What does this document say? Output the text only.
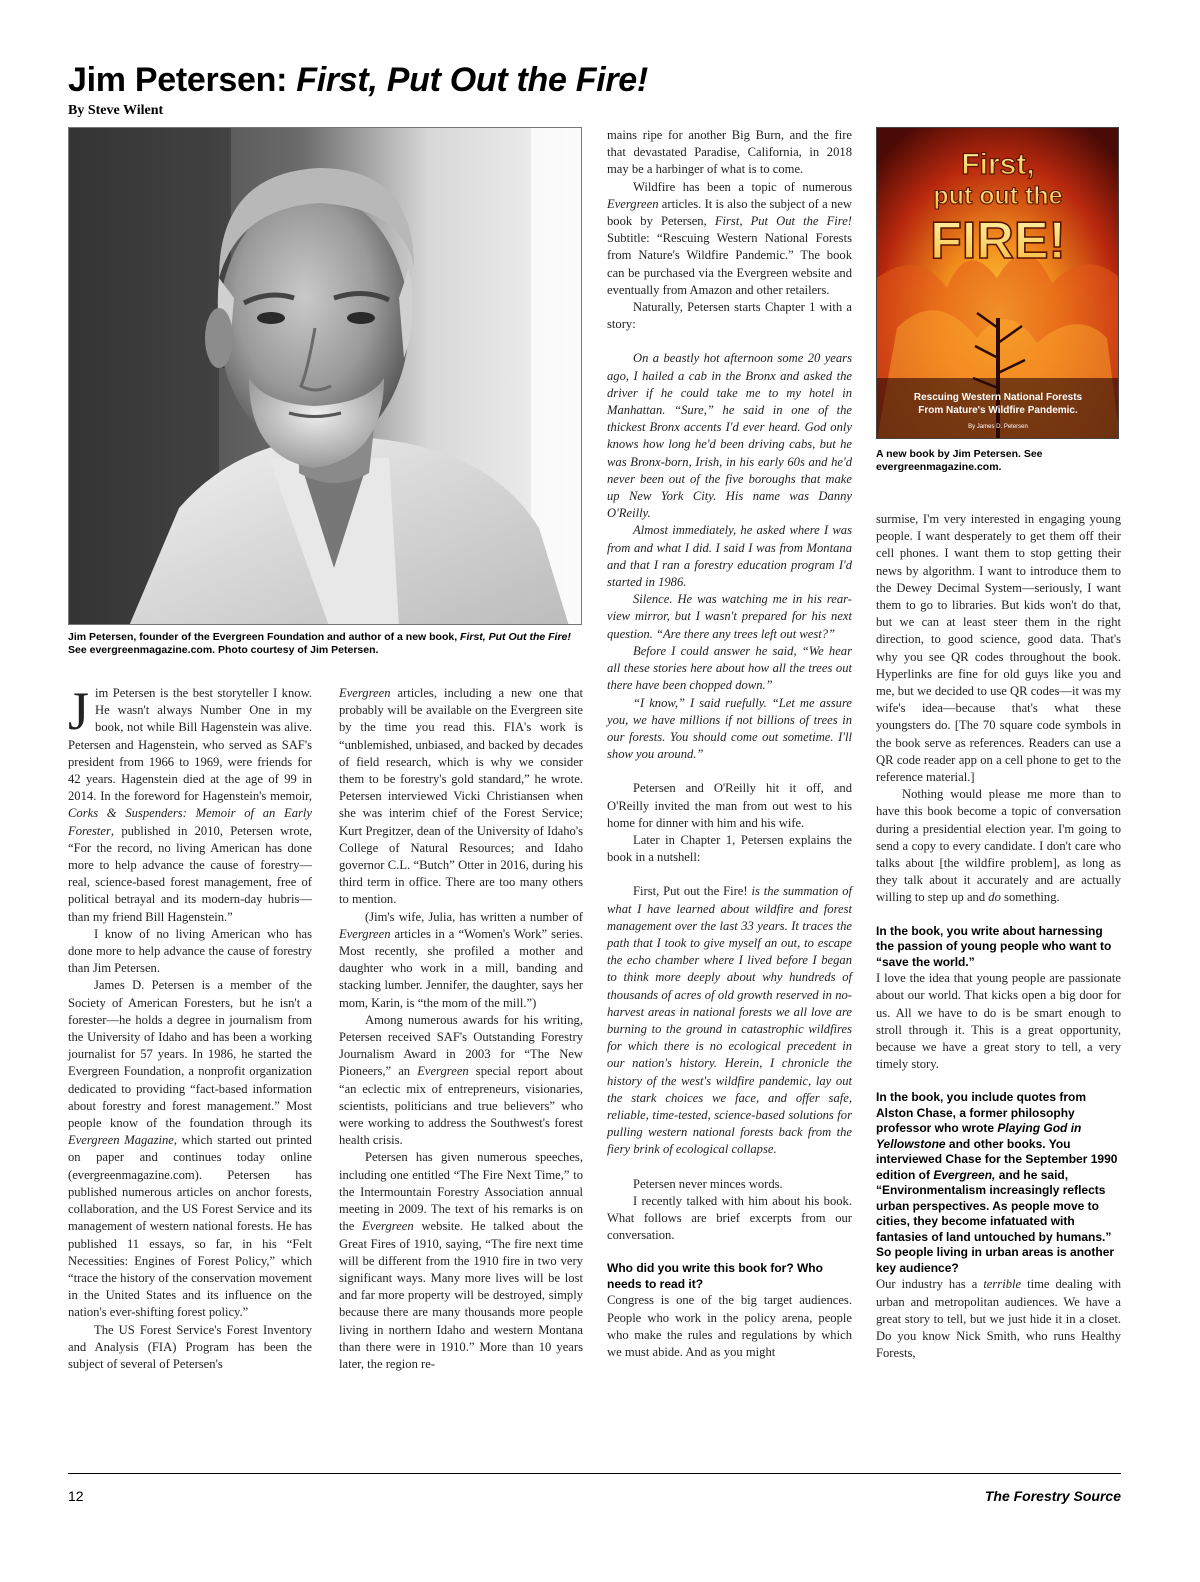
Jim Petersen: First, Put Out the Fire!
By Steve Wilent
Jim Petersen, founder of the Evergreen Foundation and author of a new book, First, Put Out the Fire! See evergreenmagazine.com. Photo courtesy of Jim Petersen.

Jim Petersen is the best storyteller I know. He wasn't always Number One in my book, not while Bill Hagenstein was alive. Petersen and Hagenstein, who served as SAF's president from 1966 to 1969, were friends for 42 years. Hagenstein died at the age of 99 in 2014. In the foreword for Hagenstein's memoir, Corks & Suspenders: Memoir of an Early Forester, published in 2010, Petersen wrote, “For the record, no living American has done more to help advance the cause of forestry—real, science-based forest management, free of political betrayal and its modern-day hubris—than my friend Bill Hagenstein.”

I know of no living American who has done more to help advance the cause of forestry than Jim Petersen.

James D. Petersen is a member of the Society of American Foresters, but he isn't a forester—he holds a degree in journalism from the University of Idaho and has been a working journalist for 57 years. In 1986, he started the Evergreen Foundation, a nonprofit organization dedicated to providing “fact-based information about forestry and forest management.” Most people know of the foundation through its Evergreen Magazine, which started out printed on paper and continues today online (evergreenmagazine.com). Petersen has published numerous articles on anchor forests, collaboration, and the US Forest Service and its management of western national forests. He has published 11 essays, so far, in his “Felt Necessities: Engines of Forest Policy,” which “trace the history of the conservation movement in the United States and its influence on the nation's ever-shifting forest policy.”

The US Forest Service's Forest Inventory and Analysis (FIA) Program has been the subject of several of Petersen's

Evergreen articles, including a new one that probably will be available on the Evergreen site by the time you read this. FIA's work is “unblemished, unbiased, and backed by decades of field research, which is why we consider them to be forestry's gold standard,” he wrote. Petersen interviewed Vicki Christiansen when she was interim chief of the Forest Service; Kurt Pregitzer, dean of the University of Idaho's College of Natural Resources; and Idaho governor C.L. “Butch” Otter in 2016, during his third term in office. There are too many others to mention.

(Jim's wife, Julia, has written a number of Evergreen articles in a “Women's Work” series. Most recently, she profiled a mother and daughter who work in a mill, banding and stacking lumber. Jennifer, the daughter, says her mom, Karin, is “the mom of the mill.”)

Among numerous awards for his writing, Petersen received SAF's Outstanding Forestry Journalism Award in 2003 for “The New Pioneers,” an Evergreen special report about “an eclectic mix of entrepreneurs, visionaries, scientists, politicians and true believers” who were working to address the Southwest's forest health crisis.

Petersen has given numerous speeches, including one entitled “The Fire Next Time,” to the Intermountain Forestry Association annual meeting in 2009. The text of his remarks is on the Evergreen website. He talked about the Great Fires of 1910, saying, “The fire next time will be different from the 1910 fire in two very significant ways. Many more lives will be lost and far more property will be destroyed, simply because there are many thousands more people living in northern Idaho and western Montana than there were in 1910.” More than 10 years later, the region re-

mains ripe for another Big Burn, and the fire that devastated Paradise, California, in 2018 may be a harbinger of what is to come.

Wildfire has been a topic of numerous Evergreen articles. It is also the subject of a new book by Petersen, First, Put Out the Fire! Subtitle: “Rescuing Western National Forests from Nature's Wildfire Pandemic.” The book can be purchased via the Evergreen website and eventually from Amazon and other retailers.

Naturally, Petersen starts Chapter 1 with a story:

On a beastly hot afternoon some 20 years ago, I hailed a cab in the Bronx and asked the driver if he could take me to my hotel in Manhattan. “Sure,” he said in one of the thickest Bronx accents I'd ever heard. God only knows how long he'd been driving cabs, but he was Bronx-born, Irish, in his early 60s and he'd never been out of the five boroughs that make up New York City. His name was Danny O'Reilly.

Almost immediately, he asked where I was from and what I did. I said I was from Montana and that I ran a forestry education program I'd started in 1986.

Silence. He was watching me in his rear-view mirror, but I wasn't prepared for his next question. “Are there any trees left out west?”

Before I could answer he said, “We hear all these stories here about how all the trees out there have been chopped down.”

“I know,” I said ruefully. “Let me assure you, we have millions if not billions of trees in our forests. You should come out sometime. I'll show you around.”

Petersen and O'Reilly hit it off, and O'Reilly invited the man from out west to his home for dinner with him and his wife.

Later in Chapter 1, Petersen explains the book in a nutshell:

First, Put out the Fire! is the summation of what I have learned about wildfire and forest management over the last 33 years. It traces the path that I took to give myself an out, to escape the echo chamber where I lived before I began to think more deeply about why hundreds of thousands of acres of old growth reserved in no-harvest areas in national forests we all love are burning to the ground in catastrophic wildfires for which there is no ecological precedent in our nation's history. Herein, I chronicle the history of the west's wildfire pandemic, lay out the stark choices we face, and offer safe, reliable, time-tested, science-based solutions for pulling western national forests back from the fiery brink of ecological collapse.

Petersen never minces words.

I recently talked with him about his book. What follows are brief excerpts from our conversation.

Who did you write this book for? Who needs to read it?

Congress is one of the big target audiences. People who work in the policy arena, people who make the rules and regulations by which we must abide. And as you might

First,
put out the
FIRE!
Rescuing Western National Forests
From Nature's Wildfire Pandemic.
By James D. Petersen
A new book by Jim Petersen. See evergreenmagazine.com.

surmise, I'm very interested in engaging young people. I want desperately to get them off their cell phones. I want them to stop getting their news by algorithm. I want to introduce them to the Dewey Decimal System—seriously, I want them to go to libraries. But kids won't do that, but we can at least steer them in the right direction, to good science, good data. That's why you see QR codes throughout the book. Hyperlinks are fine for old guys like you and me, but we decided to use QR codes—it was my wife's idea—because that's what these youngsters do. [The 70 square code symbols in the book serve as references. Readers can use a QR code reader app on a cell phone to get to the reference material.]

Nothing would please me more than to have this book become a topic of conversation during a presidential election year. I'm going to send a copy to every candidate. I don't care who talks about [the wildfire problem], as long as they talk about it accurately and are actually willing to step up and do something.

In the book, you write about harnessing the passion of young people who want to “save the world.”

I love the idea that young people are passionate about our world. That kicks open a big door for us. All we have to do is be smart enough to stroll through it. This is a great opportunity, because we have a great story to tell, a very timely story.

In the book, you include quotes from Alston Chase, a former philosophy professor who wrote Playing God in Yellowstone and other books. You interviewed Chase for the September 1990 edition of Evergreen, and he said, “Environmentalism increasingly reflects urban perspectives. As people move to cities, they become infatuated with fantasies of land untouched by humans.” So people living in urban areas is another key audience?

Our industry has a terrible time dealing with urban and metropolitan audiences. We have a great story to tell, but we just hide it in a closet. Do you know Nick Smith, who runs Healthy Forests,

12	The Forestry Source
